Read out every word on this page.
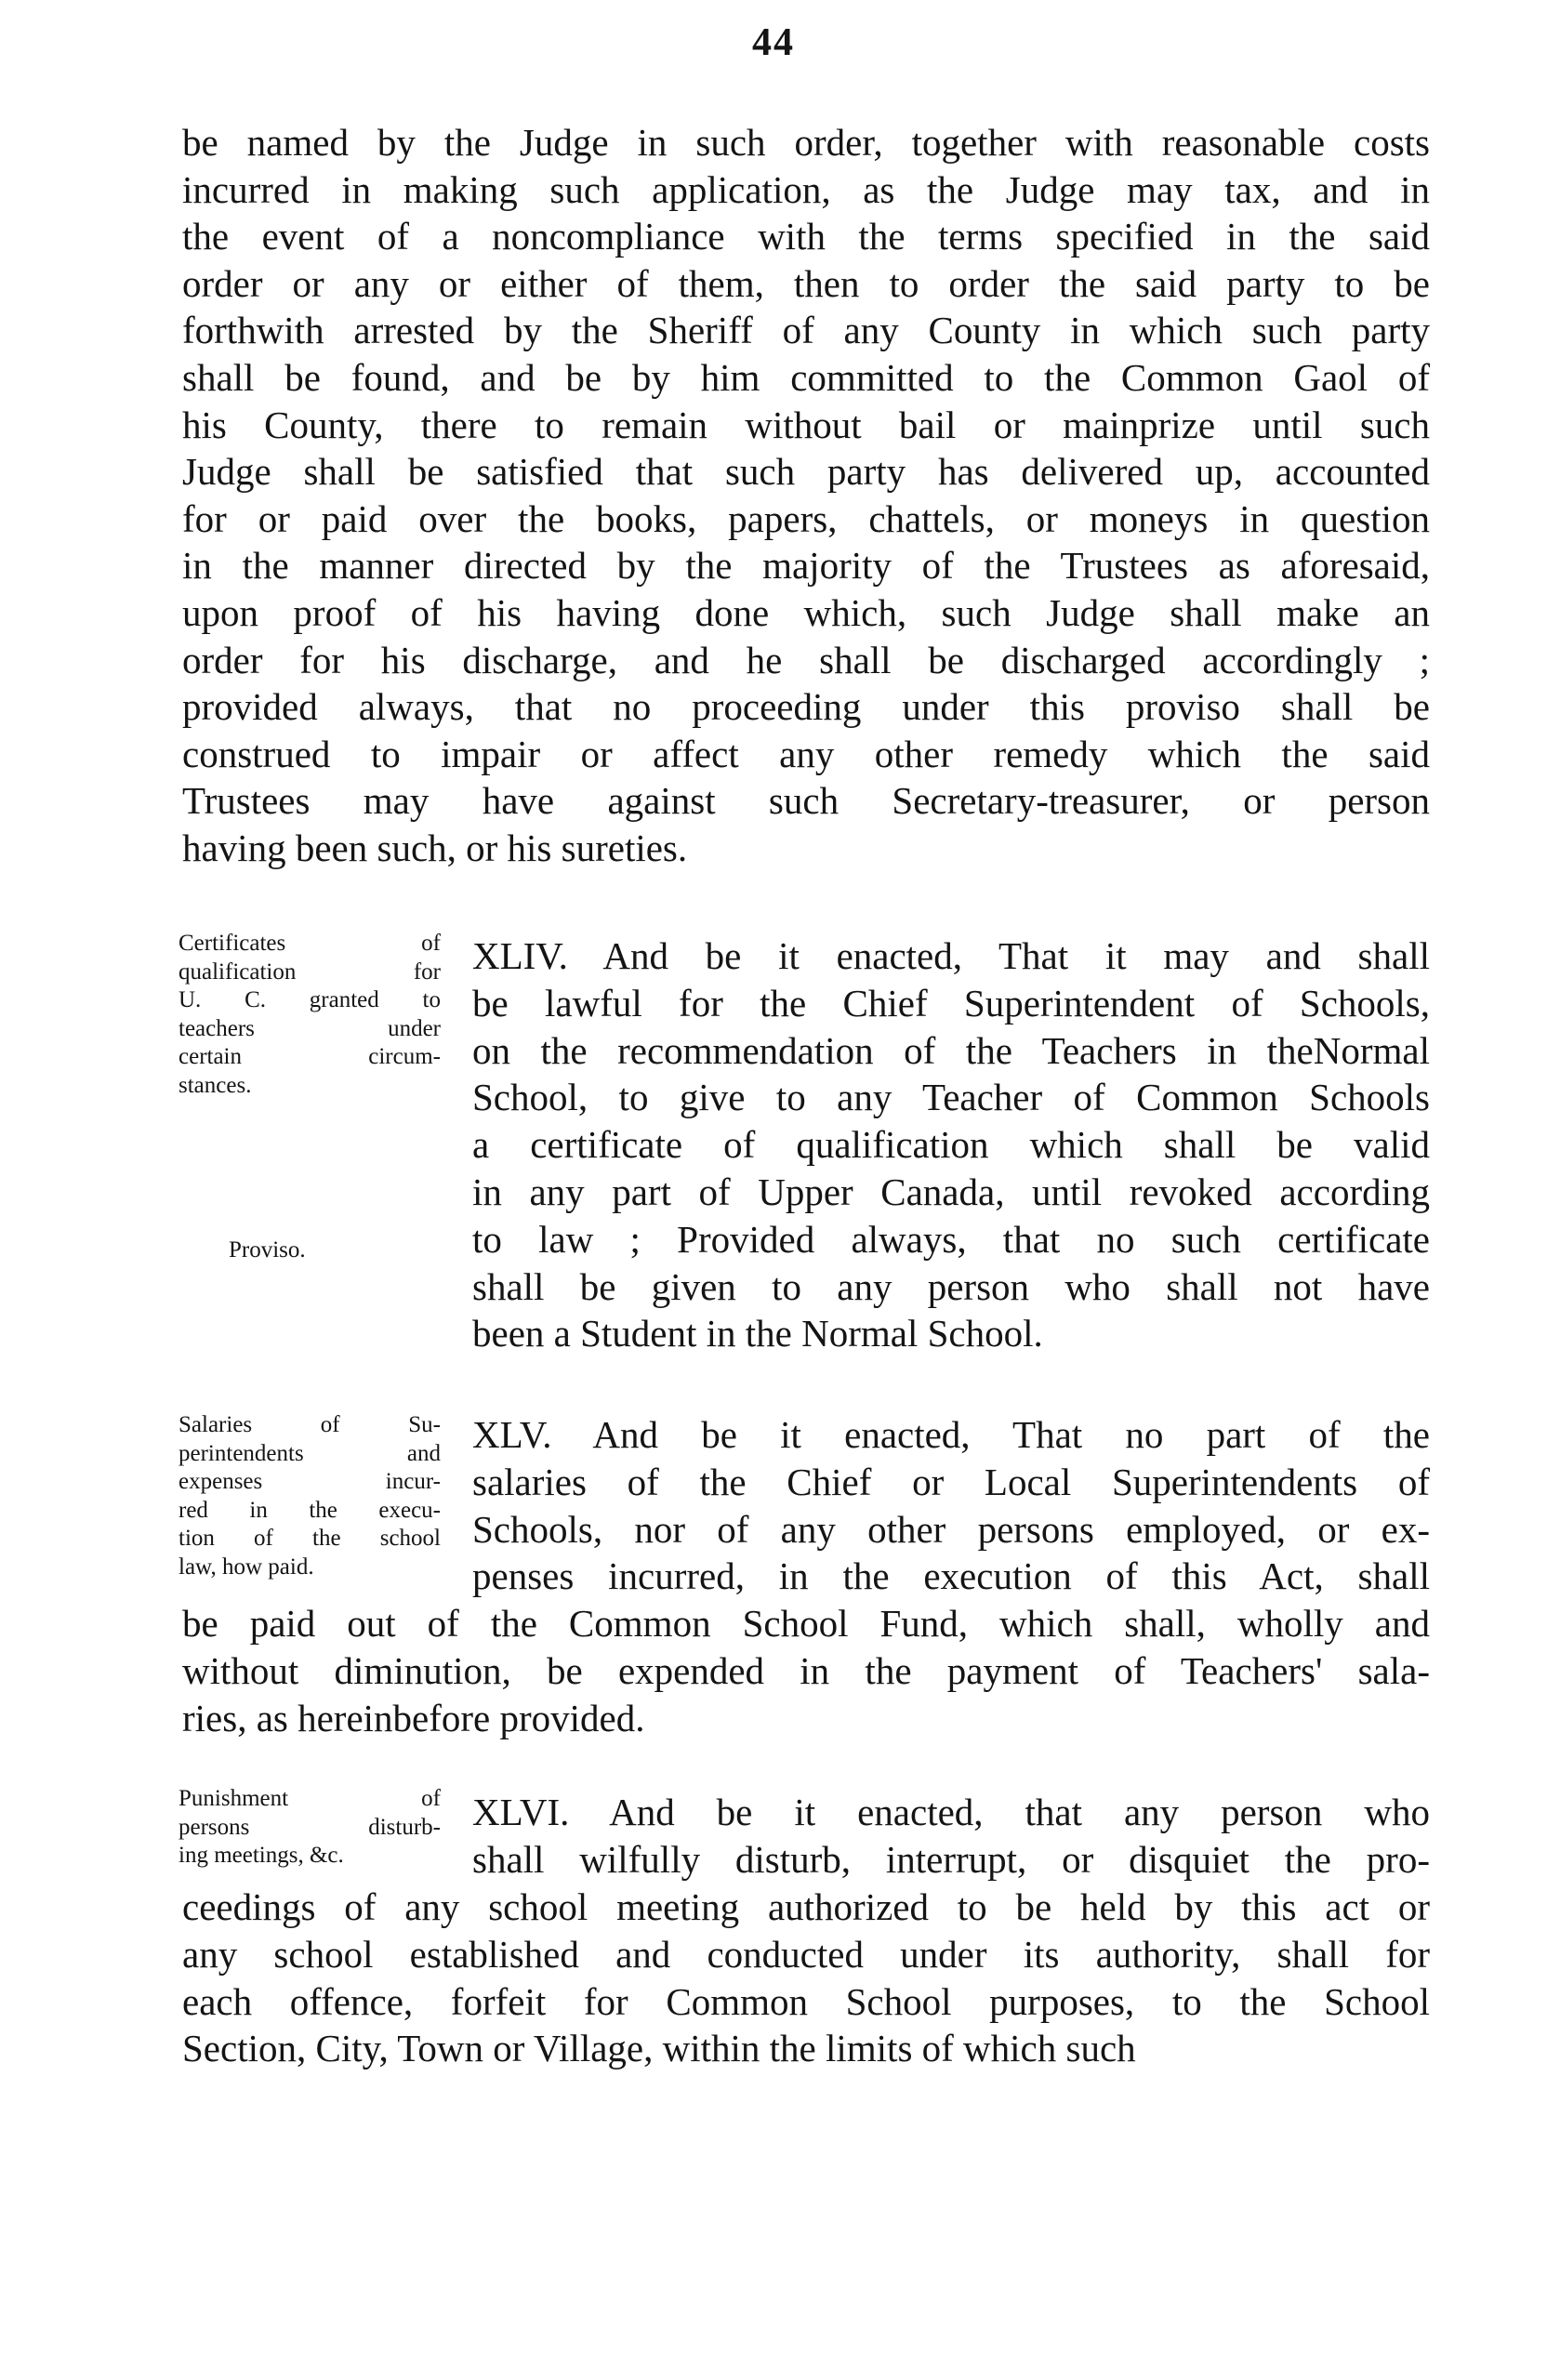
44
be named by the Judge in such order, together with reasonable costs
incurred in making such application, as the Judge may tax, and in
the event of a noncompliance with the terms specified in the said
order or any or either of them, then to order the said party to be
forthwith arrested by the Sheriff of any County in which such party
shall be found, and be by him committed to the Common Gaol of
his County, there to remain without bail or mainprize until such
Judge shall be satisfied that such party has delivered up, accounted
for or paid over the books, papers, chattels, or moneys in question
in the manner directed by the majority of the Trustees as aforesaid,
upon proof of his having done which, such Judge shall make an
order for his discharge, and he shall be discharged accordingly ;
provided always, that no proceeding under this proviso shall be
construed to impair or affect any other remedy which the said
Trustees may have against such Secretary-treasurer, or person
having been such, or his sureties.
Certificates of
qualification for
U. C. granted to
teachers under
certain circum-
stances.
Proviso.
XLIV. And be it enacted, That it may and shall
be lawful for the Chief Superintendent of Schools,
on the recommendation of the Teachers in theNormal
School, to give to any Teacher of Common Schools
a certificate of qualification which shall be valid
in any part of Upper Canada, until revoked according
to law ; Provided always, that no such certificate
shall be given to any person who shall not have
been a Student in the Normal School.
Salaries of Su-
perintendents and
expenses incur-
red in the execu-
tion of the school
law, how paid.
XLV. And be it enacted, That no part of the
salaries of the Chief or Local Superintendents of
Schools, nor of any other persons employed, or ex-
penses incurred, in the execution of this Act, shall
be paid out of the Common School Fund, which shall, wholly and
without diminution, be expended in the payment of Teachers' sala-
ries, as hereinbefore provided.
Punishment of
persons disturb-
ing meetings, &c.
XLVI. And be it enacted, that any person who
shall wilfully disturb, interrupt, or disquiet the pro-
ceedings of any school meeting authorized to be held by this act or
any school established and conducted under its authority, shall for
each offence, forfeit for Common School purposes, to the School
Section, City, Town or Village, within the limits of which such
